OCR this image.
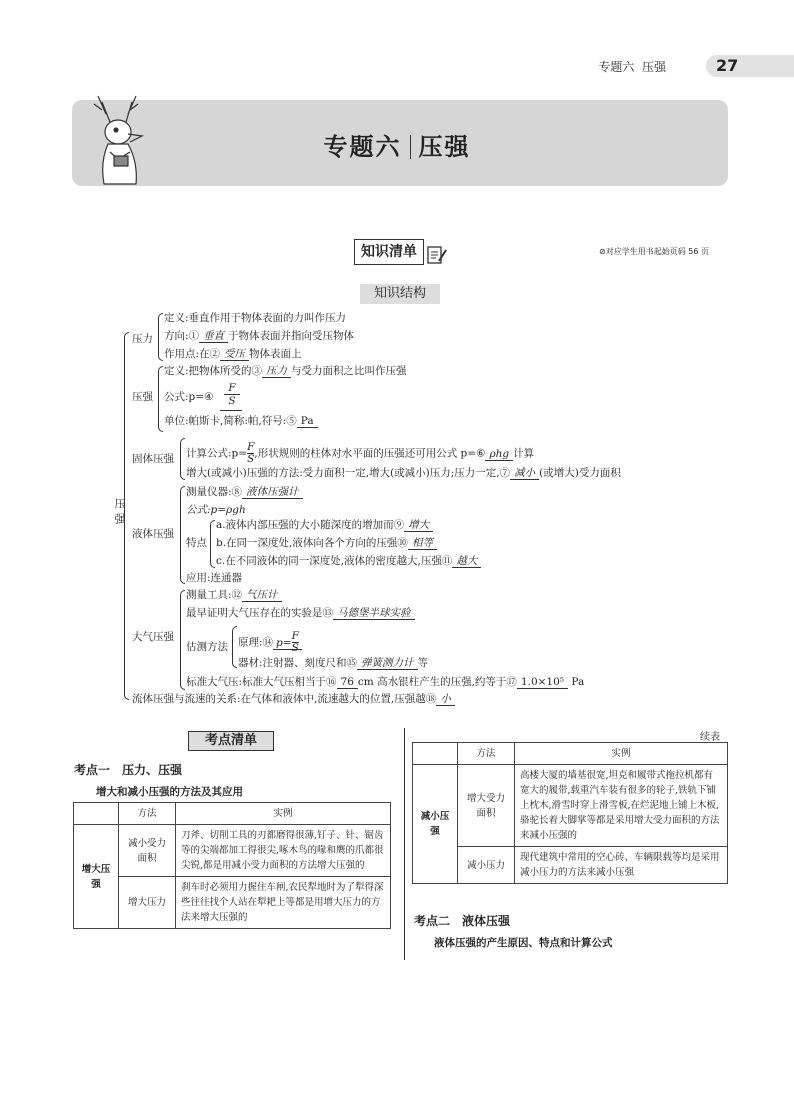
专题六 压强	27
专题六 压强
知识清单	⊘对应学生用书起始页码 56 页
知识结构
压强
压力
定义:垂直作用于物体表面的力叫作压力
方向:① 垂直 于物体表面并指向受压物体
作用点:在② 受压 物体表面上
压强
定义:把物体所受的③ 压力 与受力面积之比叫作压强
公式:p=④ $\frac{F}{S}$
单位:帕斯卡,简称:帕,符号:⑤ Pa
固体压强 计算公式:p= $\frac{F}{S}$ ,形状规则的柱体对水平面的压强还可用公式 p=⑥ ρhg 计算
增大(或减小)压强的方法:受力面积一定,增大(或减小)压力;压力一定,⑦ 减小 (或增大)受力面积
液体压强
测量仪器:⑧ 液体压强计
公式:p=ρgh
特点
a.液体内部压强的大小随深度的增加而⑨ 增大
b.在同一深度处,液体向各个方向的压强⑩ 相等
c.在不同液体的同一深度处,液体的密度越大,压强⑪ 越大
应用:连通器
大气压强
测量工具:⑫ 气压计
最早证明大气压存在的实验是⑬ 马德堡半球实验
估测方法 原理:⑭ $p= \frac{F}{S}$
器材:注射器、刻度尺和⑮ 弹簧测力计 等
标准大气压:标准大气压相当于⑯ 76 cm 高水银柱产生的压强,约等于⑰ 1.0×10⁵ Pa
流体压强与流速的关系:在气体和液体中,流速越大的位置,压强越⑱ 小
考点清单
考点一　压力、压强
增大和减小压强的方法及其应用
	方法	实例
增大压强	减小受力面积	刀斧、切削工具的刃都磨得很薄,钉子、针、锯齿等的尖端都加工得很尖,啄木鸟的喙和鹰的爪都很尖锐,都是用减小受力面积的方法增大压强的
	增大压力	刹车时必须用力握住车闸,农民犁地时为了犁得深些往往找个人站在犁耙上等都是用增大压力的方法来增大压强的
续表
	方法	实例
减小压强	增大受力面积	高楼大厦的墙基很宽,坦克和履带式拖拉机都有宽大的履带,载重汽车装有很多的轮子,铁轨下铺上枕木,滑雪时穿上滑雪板,在烂泥地上铺上木板,骆驼长着大脚掌等都是采用增大受力面积的方法来减小压强的
	减小压力	现代建筑中常用的空心砖、车辆限载等均是采用减小压力的方法来减小压强
考点二　液体压强
液体压强的产生原因、特点和计算公式
